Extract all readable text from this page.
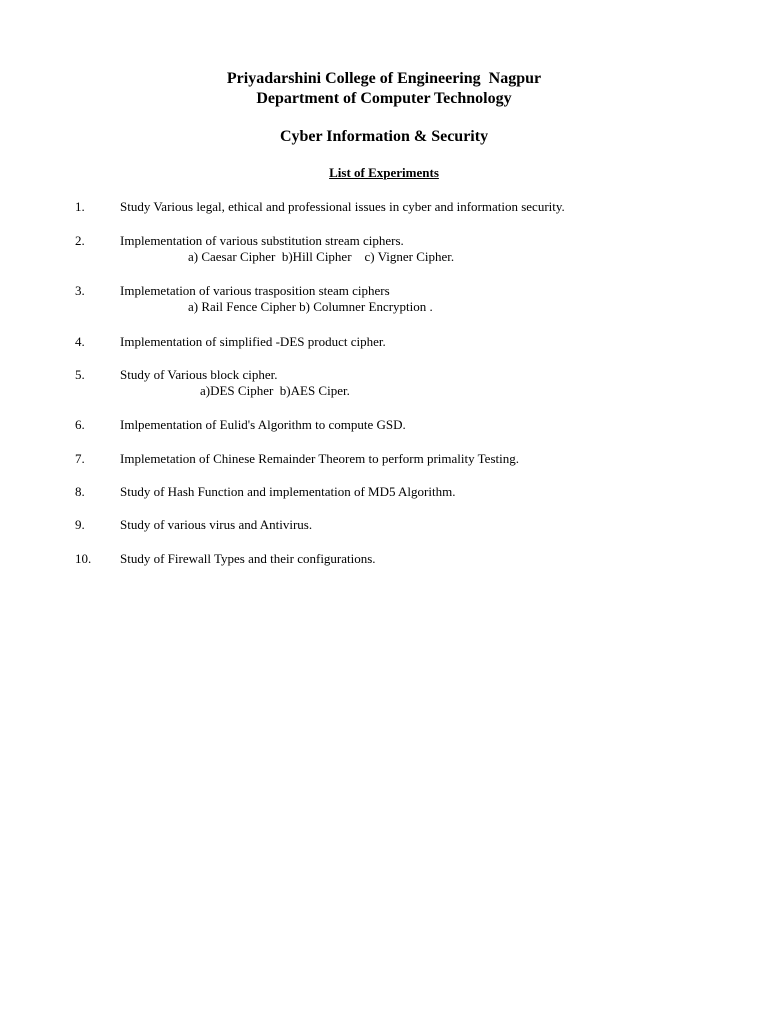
Priyadarshini College of Engineering  Nagpur
Department of Computer Technology
Cyber Information & Security
List of Experiments
1.	Study Various legal, ethical and professional issues in cyber and information security.
2.	Implementation of various substitution stream ciphers.
a) Caesar Cipher  b)Hill Cipher    c) Vigner Cipher.
3.	Implemetation of various trasposition steam ciphers
a) Rail Fence Cipher b) Columner Encryption .
4.	Implementation of simplified -DES product cipher.
5.	Study of Various block cipher.
a)DES Cipher  b)AES Ciper.
6.	Imlpementation of Eulid's Algorithm to compute GSD.
7.	Implemetation of Chinese Remainder Theorem to perform primality Testing.
8.	Study of Hash Function and implementation of MD5 Algorithm.
9.	Study of various virus and Antivirus.
10. Study of Firewall Types and their configurations.
